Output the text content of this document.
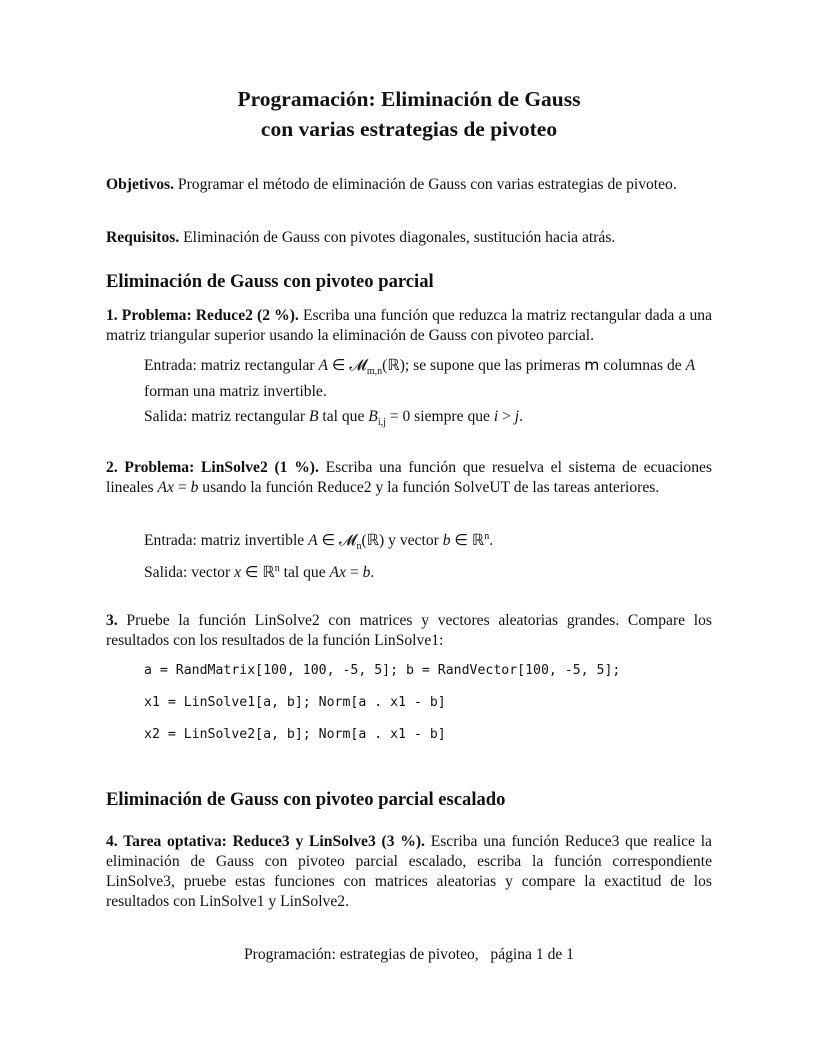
Programación: Eliminación de Gauss
con varias estrategias de pivoteo

Objetivos. Programar el método de eliminación de Gauss con varias estrategias de pivoteo.

Requisitos. Eliminación de Gauss con pivotes diagonales, sustitución hacia atrás.

Eliminación de Gauss con pivoteo parcial

1. Problema: Reduce2 (2 %). Escriba una función que reduzca la matriz rectangular dada a una matriz triangular superior usando la eliminación de Gauss con pivoteo parcial.

Entrada: matriz rectangular A ∈ 𝓜$_{m,n}$(ℝ); se supone que las primeras 𝗆 columnas de A forman una matriz invertible.

Salida: matriz rectangular B tal que $B_{i,j} = 0$ siempre que i > j.

2. Problema: LinSolve2 (1 %). Escriba una función que resuelva el sistema de ecuaciones lineales Ax = b usando la función Reduce2 y la función SolveUT de las tareas anteriores.

Entrada: matriz invertible A ∈ 𝓜$_n$(ℝ) y vector b ∈ ℝ$^n$.

Salida: vector x ∈ ℝ$^n$ tal que Ax = b.

3. Pruebe la función LinSolve2 con matrices y vectores aleatorias grandes. Compare los resultados con los resultados de la función LinSolve1:

a = RandMatrix[100, 100, -5, 5]; b = RandVector[100, -5, 5];
x1 = LinSolve1[a, b]; Norm[a . x1 - b]
x2 = LinSolve2[a, b]; Norm[a . x1 - b]
Eliminación de Gauss con pivoteo parcial escalado

4. Tarea optativa: Reduce3 y LinSolve3 (3 %). Escriba una función Reduce3 que realice la eliminación de Gauss con pivoteo parcial escalado, escriba la función correspondiente LinSolve3, pruebe estas funciones con matrices aleatorias y compare la exactitud de los resultados con LinSolve1 y LinSolve2.

Programación: estrategias de pivoteo, página 1 de 1
